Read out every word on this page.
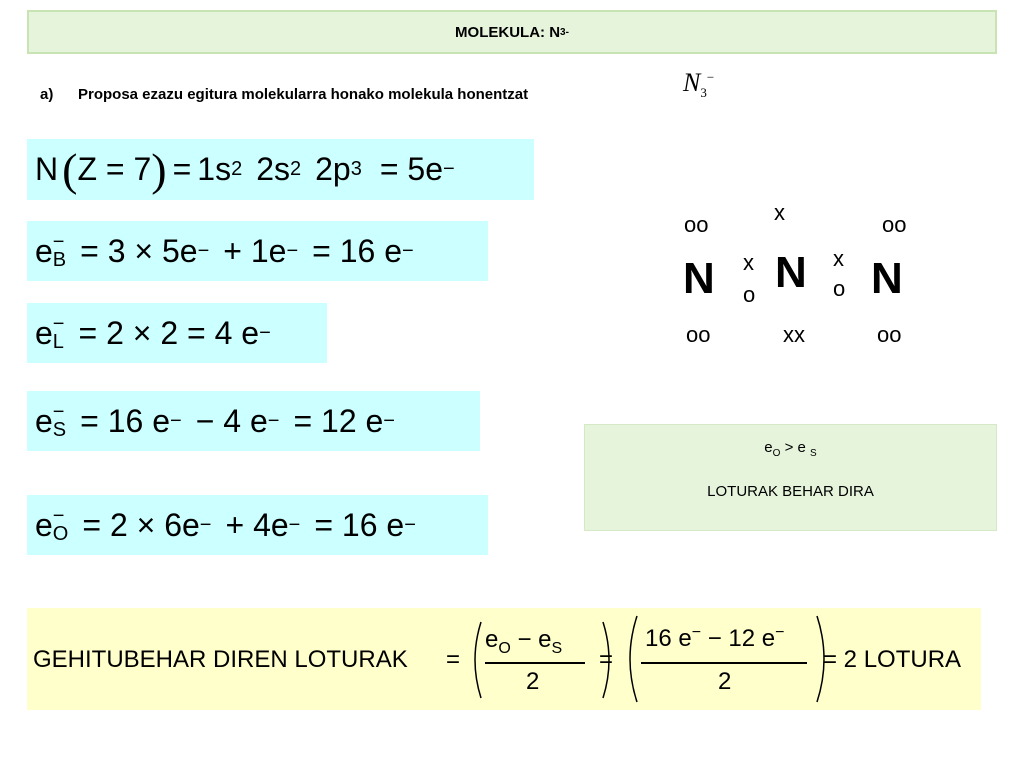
MOLEKULA: N 3 -
a) Proposa ezazu egitura molekularra honako molekula honentzat	$N_3^-$
N ( Z = 7 ) = 1s 2 2s 2 2p 3 = 5e −
e −
B = 3 × 5e − + 1e − = 16 e −
e −
L = 2 × 2 = 4 e −
e −
S = 16 e − − 4 e − = 12 e −
e −
O = 2 × 6e − + 4e − = 16 e −
oo
N
oo
x
o
x
N
xx
x
o
oo
N
oo
$e_O > e$ $_S$
LOTURAK BEHAR DIRA
GEHITUBEHAR DIREN LOTURAK =
$e_O - e_S$
2
=
16 e− − 12 e−
2
= 2 LOTURA
